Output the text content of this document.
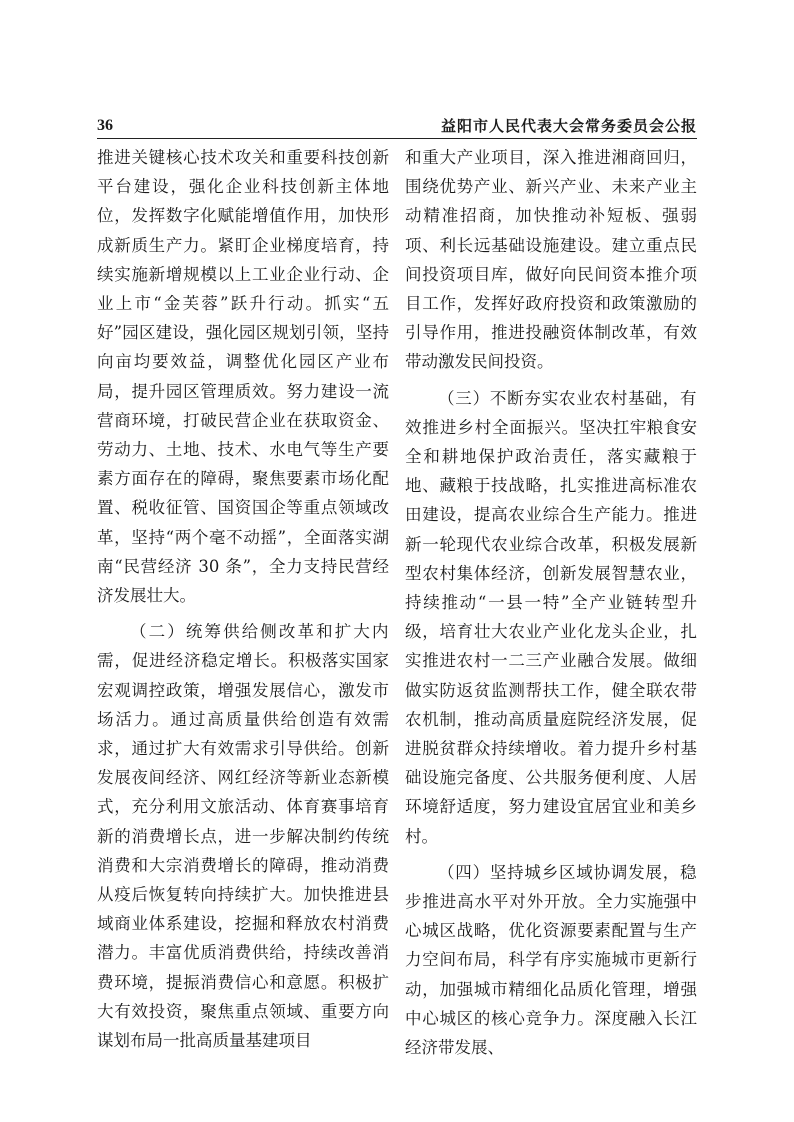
36	益阳市人民代表大会常务委员会公报

推进关键核心技术攻关和重要科技创新平台建设，强化企业科技创新主体地位，发挥数字化赋能增值作用，加快形成新质生产力。紧盯企业梯度培育，持续实施新增规模以上工业企业行动、企业上市“金芙蓉”跃升行动。抓实“五好”园区建设，强化园区规划引领，坚持向亩均要效益，调整优化园区产业布局，提升园区管理质效。努力建设一流营商环境，打破民营企业在获取资金、劳动力、土地、技术、水电气等生产要素方面存在的障碍，聚焦要素市场化配置、税收征管、国资国企等重点领域改革，坚持“两个毫不动摇”，全面落实湖南“民营经济 30 条”，全力支持民营经济发展壮大。

（二）统筹供给侧改革和扩大内需，促进经济稳定增长。积极落实国家宏观调控政策，增强发展信心，激发市场活力。通过高质量供给创造有效需求，通过扩大有效需求引导供给。创新发展夜间经济、网红经济等新业态新模式，充分利用文旅活动、体育赛事培育新的消费增长点，进一步解决制约传统消费和大宗消费增长的障碍，推动消费从疫后恢复转向持续扩大。加快推进县域商业体系建设，挖掘和释放农村消费潜力。丰富优质消费供给，持续改善消费环境，提振消费信心和意愿。积极扩大有效投资，聚焦重点领域、重要方向谋划布局一批高质量基建项目

和重大产业项目，深入推进湘商回归，围绕优势产业、新兴产业、未来产业主动精准招商，加快推动补短板、强弱项、利长远基础设施建设。建立重点民间投资项目库，做好向民间资本推介项目工作，发挥好政府投资和政策激励的引导作用，推进投融资体制改革，有效带动激发民间投资。

（三）不断夯实农业农村基础，有效推进乡村全面振兴。坚决扛牢粮食安全和耕地保护政治责任，落实藏粮于地、藏粮于技战略，扎实推进高标准农田建设，提高农业综合生产能力。推进新一轮现代农业综合改革，积极发展新型农村集体经济，创新发展智慧农业，持续推动“一县一特”全产业链转型升级，培育壮大农业产业化龙头企业，扎实推进农村一二三产业融合发展。做细做实防返贫监测帮扶工作，健全联农带农机制，推动高质量庭院经济发展，促进脱贫群众持续增收。着力提升乡村基础设施完备度、公共服务便利度、人居环境舒适度，努力建设宜居宜业和美乡村。

（四）坚持城乡区域协调发展，稳步推进高水平对外开放。全力实施强中心城区战略，优化资源要素配置与生产力空间布局，科学有序实施城市更新行动，加强城市精细化品质化管理，增强中心城区的核心竞争力。深度融入长江经济带发展、
